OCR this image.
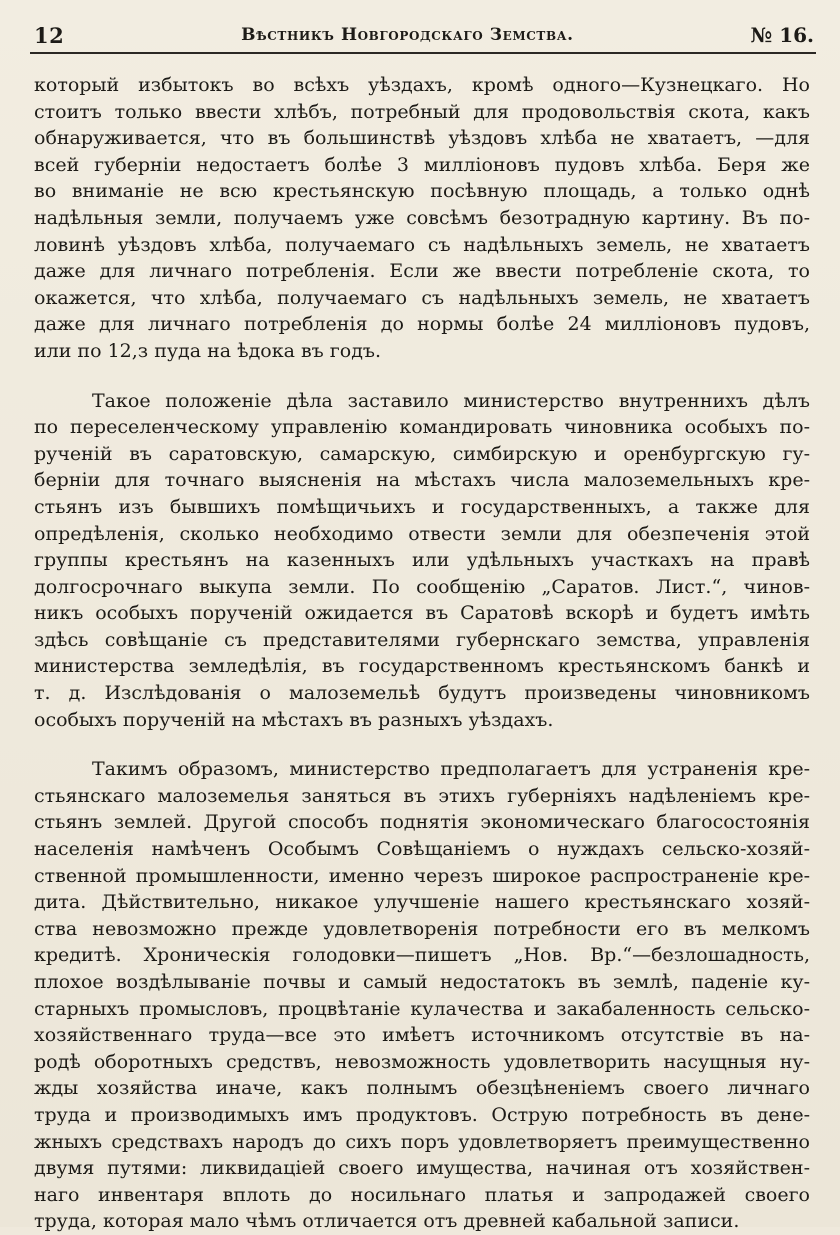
12	Вѣстникъ Новгородскаго Земства.	№ 16.
который избытокъ во всѣхъ уѣздахъ, кромѣ одного—Кузнецкаго. Но
стоитъ только ввести хлѣбъ, потребный для продовольствія скота, какъ
обнаруживается, что въ большинствѣ уѣздовъ хлѣба не хватаетъ, —для
всей губерніи недостаетъ болѣе 3 милліоновъ пудовъ хлѣба. Беря же
во вниманіе не всю крестьянскую посѣвную площадь, а только однѣ
надѣльныя земли, получаемъ уже совсѣмъ безотрадную картину. Въ по-
ловинѣ уѣздовъ хлѣба, получаемаго съ надѣльныхъ земель, не хватаетъ
даже для личнаго потребленія. Если же ввести потребленіе скота, то
окажется, что хлѣба, получаемаго съ надѣльныхъ земель, не хватаетъ
даже для личнаго потребленія до нормы болѣе 24 милліоновъ пудовъ,
или по 12,з пуда на ѣдока въ годъ.
Такое положеніе дѣла заставило министерство внутреннихъ дѣлъ
по переселенческому управленію командировать чиновника особыхъ по-
рученій въ саратовскую, самарскую, симбирскую и оренбургскую гу-
берніи для точнаго выясненія на мѣстахъ числа малоземельныхъ кре-
стьянъ изъ бывшихъ помѣщичьихъ и государственныхъ, а также для
опредѣленія, сколько необходимо отвести земли для обезпеченія этой
группы крестьянъ на казенныхъ или удѣльныхъ участкахъ на правѣ
долгосрочнаго выкупа земли. По сообщенію „Саратов. Лист.“, чинов-
никъ особыхъ порученій ожидается въ Саратовѣ вскорѣ и будетъ имѣть
здѣсь совѣщаніе съ представителями губернскаго земства, управленія
министерства земледѣлія, въ государственномъ крестьянскомъ банкѣ и
т. д. Изслѣдованія о малоземельѣ будутъ произведены чиновникомъ
особыхъ порученій на мѣстахъ въ разныхъ уѣздахъ.
Такимъ образомъ, министерство предполагаетъ для устраненія кре-
стьянскаго малоземелья заняться въ этихъ губерніяхъ надѣленіемъ кре-
стьянъ землей. Другой способъ поднятія экономическаго благосостоянія
населенія намѣченъ Особымъ Совѣщаніемъ о нуждахъ сельско-хозяй-
ственной промышленности, именно черезъ широкое распространеніе кре-
дита. Дѣйствительно, никакое улучшеніе нашего крестьянскаго хозяй-
ства невозможно прежде удовлетворенія потребности его въ мелкомъ
кредитѣ. Хроническія голодовки—пишетъ „Нов. Вр.“—безлошадность,
плохое воздѣлываніе почвы и самый недостатокъ въ землѣ, паденіе ку-
старныхъ промысловъ, процвѣтаніе кулачества и закабаленность сельско-
хозяйственнаго труда—все это имѣетъ источникомъ отсутствіе въ на-
родѣ оборотныхъ средствъ, невозможность удовлетворить насущныя ну-
жды хозяйства иначе, какъ полнымъ обезцѣненіемъ своего личнаго
труда и производимыхъ имъ продуктовъ. Острую потребность въ дене-
жныхъ средствахъ народъ до сихъ поръ удовлетворяетъ преимущественно
двумя путями: ликвидаціей своего имущества, начиная отъ хозяйствен-
наго инвентаря вплоть до носильнаго платья и запродажей своего
труда, которая мало чѣмъ отличается отъ древней кабальной записи.
